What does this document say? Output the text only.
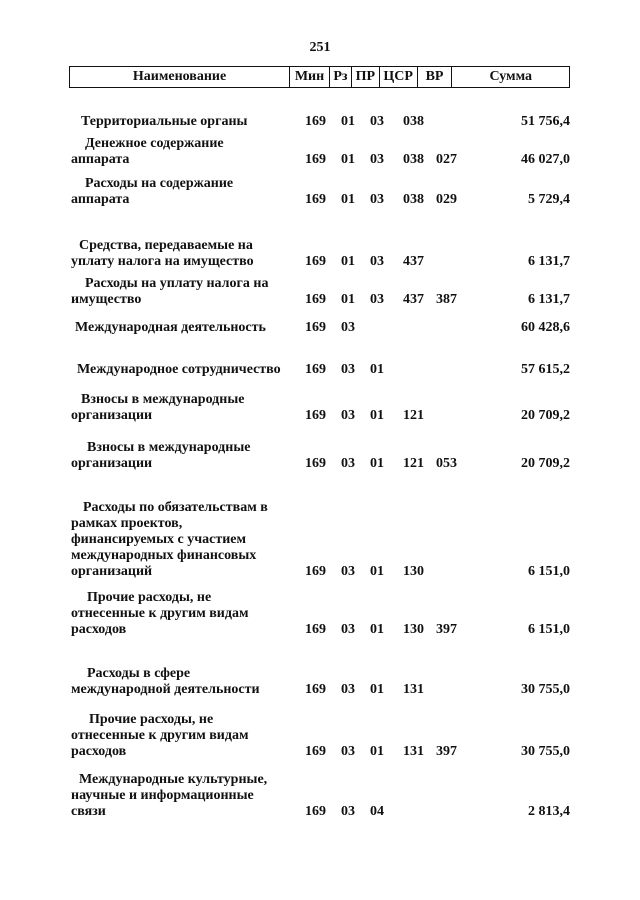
251
Наименование	Мин Рз ПР ЦСР ВР	Сумма
Территориальные органы	169 01 03 038	51 756,4
Денежное содержание
аппарата	169 01 03 038 027	46 027,0
Расходы на содержание
аппарата	169 01 03 038 029	5 729,4
Средства, передаваемые на
уплату налога на имущество	169 01 03 437	6 131,7
Расходы на уплату налога на
имущество	169 01 03 437 387	6 131,7
Международная деятельность	169 03	60 428,6
Международное сотрудничество	169 03 01	57 615,2
Взносы в международные
организации	169 03 01 121	20 709,2
Взносы в международные
организации	169 03 01 121 053	20 709,2
Расходы по обязательствам в
рамках проектов,
финансируемых с участием
международных финансовых
организаций	169 03 01 130	6 151,0
Прочие расходы, не
отнесенные к другим видам
расходов	169 03 01 130 397	6 151,0
Расходы в сфере
международной деятельности	169 03 01 131	30 755,0
Прочие расходы, не
отнесенные к другим видам
расходов	169 03 01 131 397	30 755,0
Международные культурные,
научные и информационные
связи	169 03 04	2 813,4
